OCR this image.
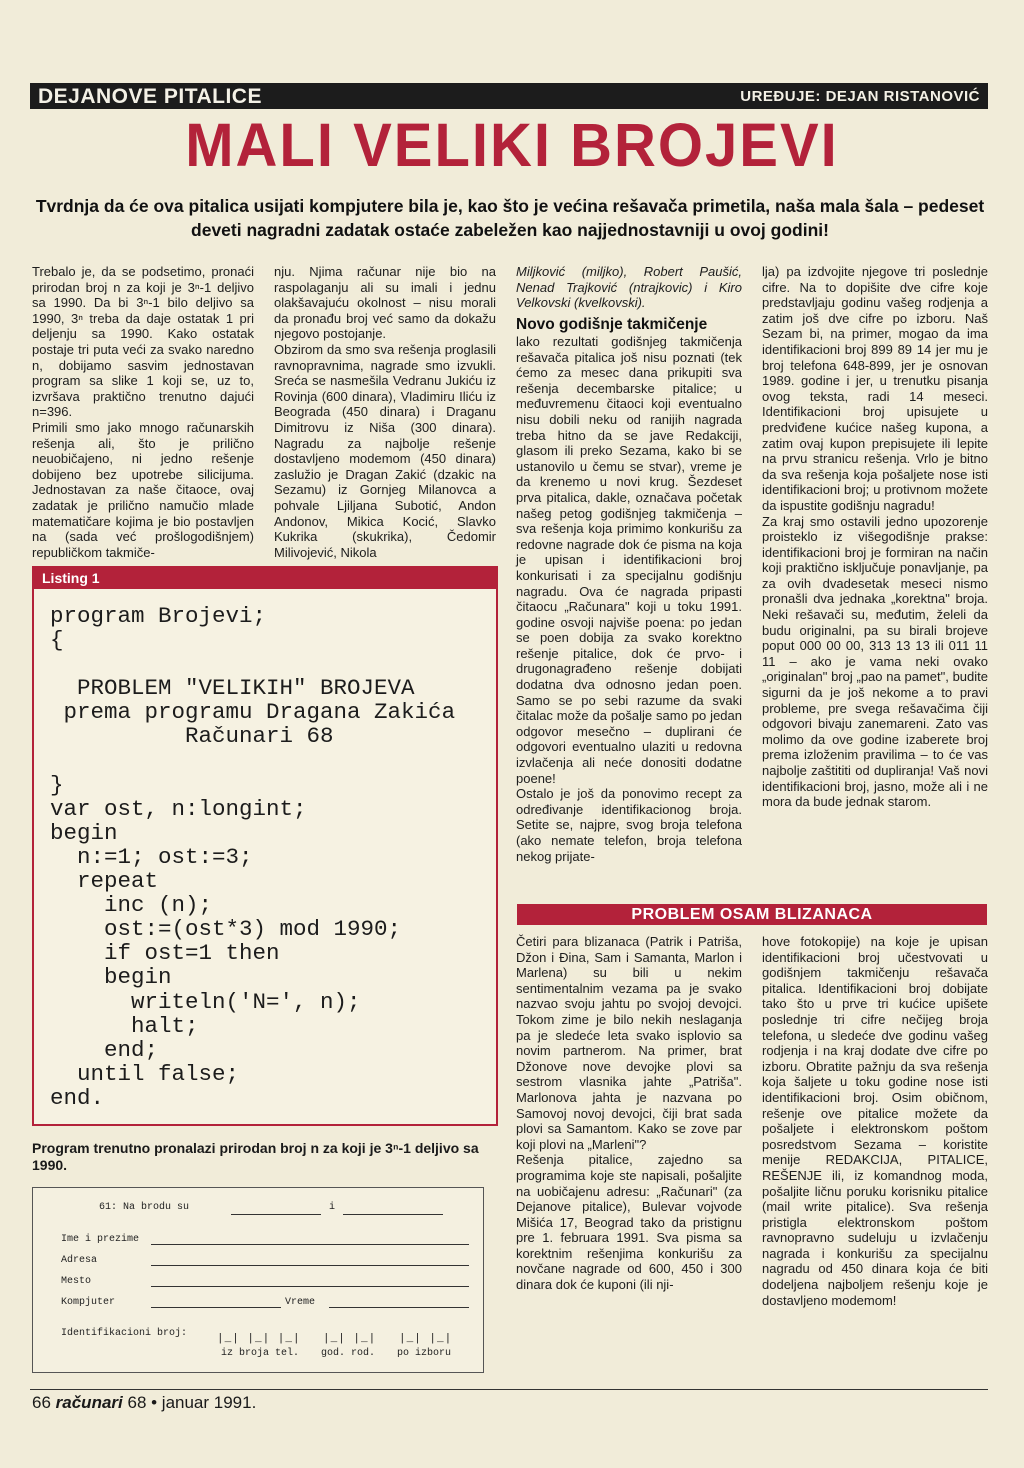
DEJANOVE PITALICE	UREĐUJE: DEJAN RISTANOVIĆ
MALI VELIKI BROJEVI
Tvrdnja da će ova pitalica usijati kompjutere bila je, kao što je većina rešavača primetila, naša mala šala – pedeset deveti nagradni zadatak ostaće zabeležen kao najjednostavniji u ovoj godini!
Trebalo je, da se podsetimo, pronaći prirodan broj n za koji je 3ⁿ-1 deljivo sa 1990. Da bi 3ⁿ-1 bilo deljivo sa 1990, 3ⁿ treba da daje ostatak 1 pri deljenju sa 1990. Kako ostatak postaje tri puta veći za svako naredno n, dobijamo sasvim jednostavan program sa slike 1 koji se, uz to, izvršava praktično trenutno dajući n=396.
Primili smo jako mnogo računarskih rešenja ali, što je prilično neuobičajeno, ni jedno rešenje dobijeno bez upotrebe silicijuma. Jednostavan za naše čitaoce, ovaj zadatak je prilično namučio mlade matematičare kojima je bio postavljen na (sada već prošlogodišnjem) republičkom takmiče-
nju. Njima računar nije bio na raspolaganju ali su imali i jednu olakšavajuću okolnost – nisu morali da pronađu broj već samo da dokažu njegovo postojanje.
Obzirom da smo sva rešenja proglasili ravnopravnima, nagrade smo izvukli. Sreća se nasmešila Vedranu Jukiću iz Rovinja (600 dinara), Vladimiru Iliću iz Beograda (450 dinara) i Draganu Dimitrovu iz Niša (300 dinara). Nagradu za najbolje rešenje dostavljeno modemom (450 dinara) zaslužio je Dragan Zakić (dzakic na Sezamu) iz Gornjeg Milanovca a pohvale Ljiljana Subotić, Andon Andonov, Mikica Kocić, Slavko Kukrika (skukrika), Čedomir Milivojević, Nikola
Listing 1
program Brojevi;
{

PROBLEM "VELIKIH" BROJEVA
prema programu Dragana Zakića
Računari 68

}
var ost, n:longint;
begin
n:=1; ost:=3;
repeat
inc (n);
ost:=(ost*3) mod 1990;
if ost=1 then
begin
writeln('N=', n);
halt;
end;
until false;
end.
Program trenutno pronalazi prirodan broj n za koji je 3ⁿ-1 deljivo sa 1990.
61: Na brodu su	i
Ime i prezime
Adresa
Mesto
Kompjuter	Vreme
Identifikacioni broj:	|_| |_| |_| |_| |_| |_| |_|
iz broja tel. god. rod. po izboru
Miljković (miljko), Robert Paušić, Nenad Trajković (ntrajkovic) i Kiro Velkovski (kvelkovski).
Novo godišnje takmičenje
lako rezultati godišnjeg takmičenja rešavača pitalica još nisu poznati (tek ćemo za mesec dana prikupiti sva rešenja decembarske pitalice; u međuvremenu čitaoci koji eventualno nisu dobili neku od ranijih nagrada treba hitno da se jave Redakciji, glasom ili preko Sezama, kako bi se ustanovilo u čemu se stvar), vreme je da krenemo u novi krug. Šezdeset prva pitalica, dakle, označava početak našeg petog godišnjeg takmičenja – sva rešenja koja primimo konkurišu za redovne nagrade dok će pisma na koja je upisan i identifikacioni broj konkurisati i za specijalnu godišnju nagradu. Ova će nagrada pripasti čitaocu „Računara" koji u toku 1991. godine osvoji najviše poena: po jedan se poen dobija za svako korektno rešenje pitalice, dok će prvo- i drugonagrađeno rešenje dobijati dodatna dva odnosno jedan poen. Samo se po sebi razume da svaki čitalac može da pošalje samo po jedan odgovor mesečno – duplirani će odgovori eventualno ulaziti u redovna izvlačenja ali neće donositi dodatne poene!
Ostalo je još da ponovimo recept za određivanje identifikacionog broja. Setite se, najpre, svog broja telefona (ako nemate telefon, broja telefona nekog prijate-
lja) pa izdvojite njegove tri poslednje cifre. Na to dopišite dve cifre koje predstavljaju godinu vašeg rodjenja a zatim još dve cifre po izboru. Naš Sezam bi, na primer, mogao da ima identifikacioni broj 899 89 14 jer mu je broj telefona 648-899, jer je osnovan 1989. godine i jer, u trenutku pisanja ovog teksta, radi 14 meseci. Identifikacioni broj upisujete u predviđene kućice našeg kupona, a zatim ovaj kupon prepisujete ili lepite na prvu stranicu rešenja. Vrlo je bitno da sva rešenja koja pošaljete nose isti identifikacioni broj; u protivnom možete da ispustite godišnju nagradu!
Za kraj smo ostavili jedno upozorenje proisteklo iz višegodišnje prakse: identifikacioni broj je formiran na način koji praktično isključuje ponavljanje, pa za ovih dvadesetak meseci nismo pronašli dva jednaka „korektna" broja. Neki rešavači su, međutim, želeli da budu originalni, pa su birali brojeve poput 000 00 00, 313 13 13 ili 011 11 11 – ako je vama neki ovako „originalan" broj „pao na pamet", budite sigurni da je još nekome a to pravi probleme, pre svega rešavačima čiji odgovori bivaju zanemareni. Zato vas molimo da ove godine izaberete broj prema izloženim pravilima – to će vas najbolje zaštititi od dupliranja! Vaš novi identifikacioni broj, jasno, može ali i ne mora da bude jednak starom.
PROBLEM OSAM BLIZANACA
Četiri para blizanaca (Patrik i Patriša, Džon i Đina, Sam i Samanta, Marlon i Marlena) su bili u nekim sentimentalnim vezama pa je svako nazvao svoju jahtu po svojoj devojci. Tokom zime je bilo nekih neslaganja pa je sledeće leta svako isplovio sa novim partnerom. Na primer, brat Džonove nove devojke plovi sa sestrom vlasnika jahte „Patriša". Marlonova jahta je nazvana po Samovoj novoj devojci, čiji brat sada plovi sa Samantom. Kako se zove par koji plovi na „Marleni"?
Rešenja pitalice, zajedno sa programima koje ste napisali, pošaljite na uobičajenu adresu: „Računari" (za Dejanove pitalice), Bulevar vojvode Mišića 17, Beograd tako da pristignu pre 1. februara 1991. Sva pisma sa korektnim rešenjima konkurišu za novčane nagrade od 600, 450 i 300 dinara dok će kuponi (ili nji-
hove fotokopije) na koje je upisan identifikacioni broj učestvovati u godišnjem takmičenju rešavača pitalica. Identifikacioni broj dobijate tako što u prve tri kućice upišete poslednje tri cifre nečijeg broja telefona, u sledeće dve godinu vašeg rodjenja i na kraj dodate dve cifre po izboru. Obratite pažnju da sva rešenja koja šaljete u toku godine nose isti identifikacioni broj. Osim običnom, rešenje ove pitalice možete da pošaljete i elektronskom poštom posredstvom Sezama – koristite menije REDAKCIJA, PITALICE, REŠENJE ili, iz komandnog moda, pošaljite ličnu poruku korisniku pitalice (mail write pitalice). Sva rešenja pristigla elektronskom poštom ravnopravno sudeluju u izvlačenju nagrada i konkurišu za specijalnu nagradu od 450 dinara koja će biti dodeljena najboljem rešenju koje je dostavljeno modemom!
66 računari 68 • januar 1991.
